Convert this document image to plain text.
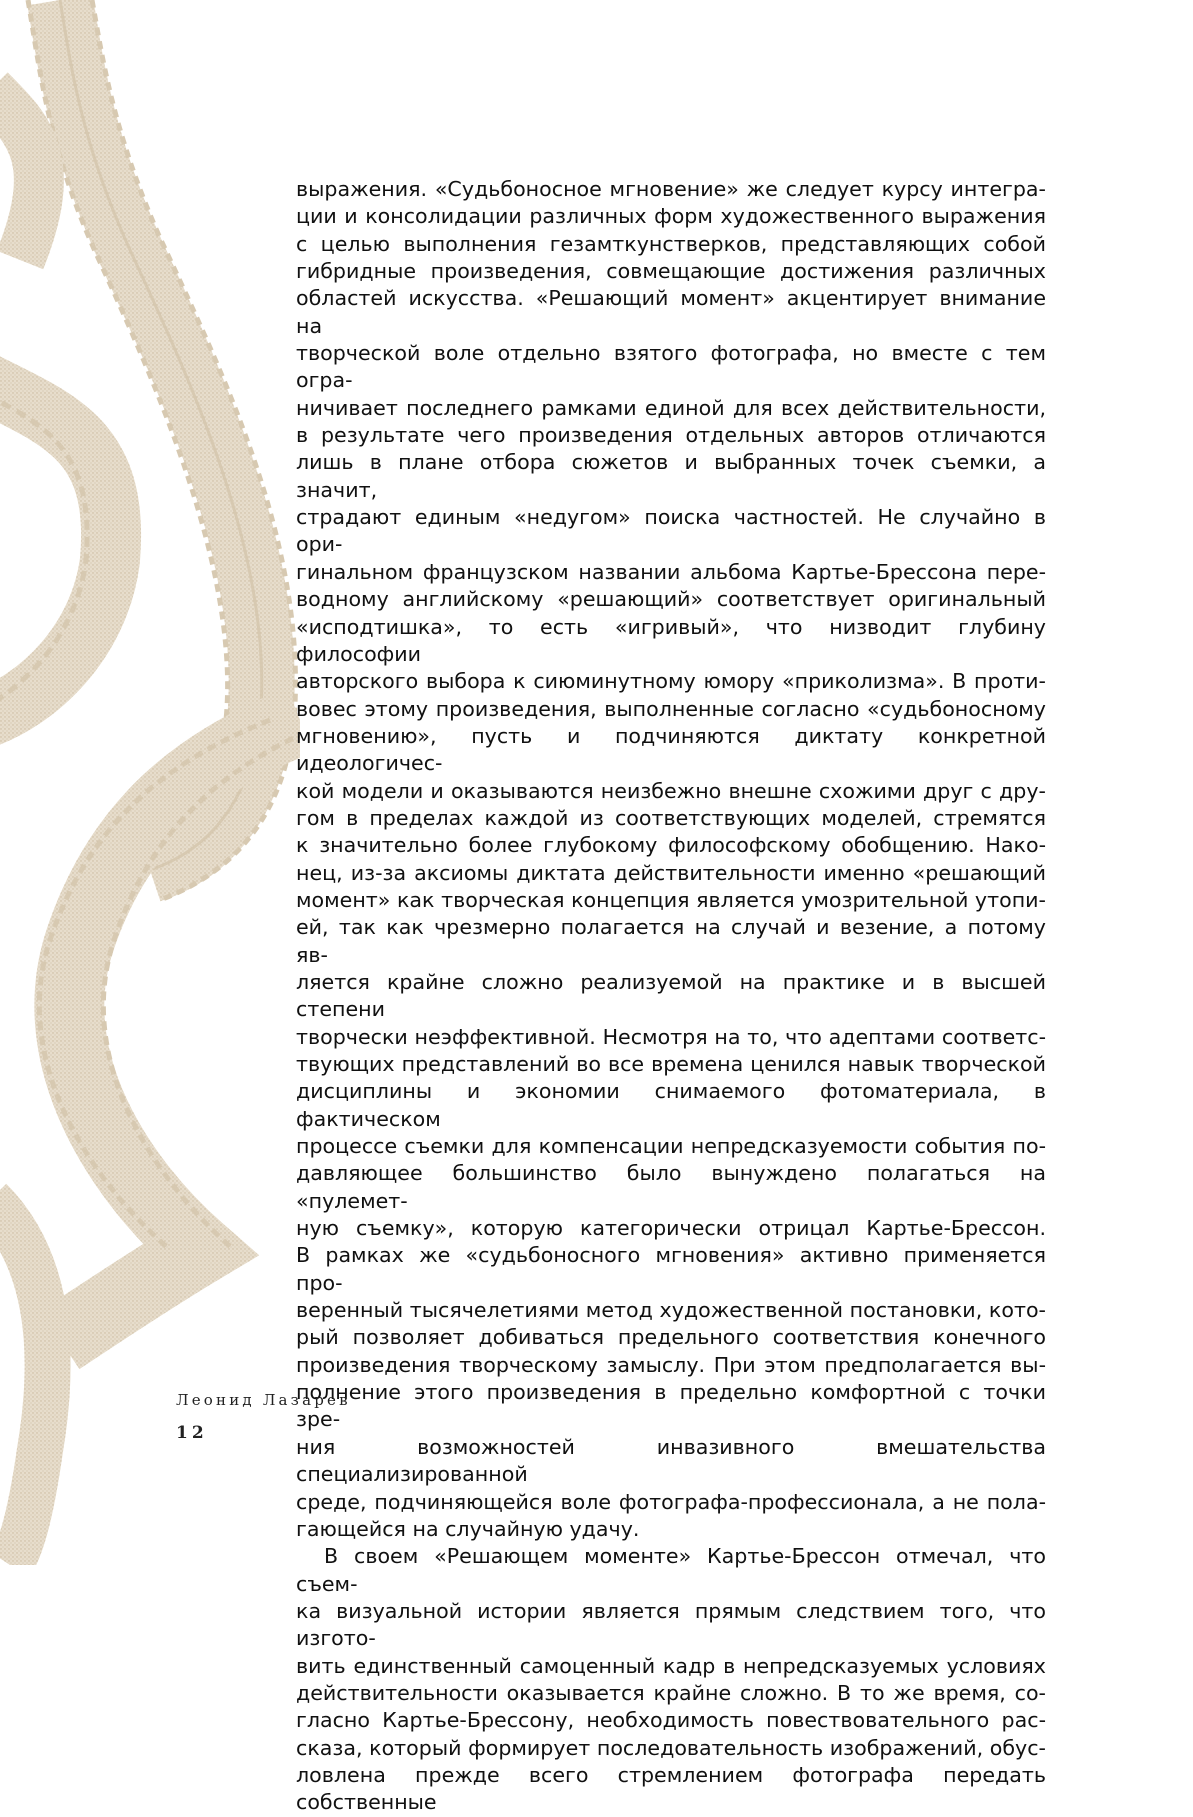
выражения. «Судьбоносное мгновение» же следует курсу интегра-

ции и консолидации различных форм художественного выражения

с целью выполнения гезамткунстверков, представляющих собой

гибридные произведения, совмещающие достижения различных

областей искусства. «Решающий момент» акцентирует внимание на

творческой воле отдельно взятого фотографа, но вместе с тем огра-

ничивает последнего рамками единой для всех действительности,

в результате чего произведения отдельных авторов отличаются

лишь в плане отбора сюжетов и выбранных точек съемки, а значит,

страдают единым «недугом» поиска частностей. Не случайно в ори-

гинальном французском названии альбома Картье-Брессона пере-

водному английскому «решающий» соответствует оригинальный

«исподтишка», то есть «игривый», что низводит глубину философии

авторского выбора к сиюминутному юмору «приколизма». В проти-

вовес этому произведения, выполненные согласно «судьбоносному

мгновению», пусть и подчиняются диктату конкретной идеологичес-

кой модели и оказываются неизбежно внешне схожими друг с дру-

гом в пределах каждой из соответствующих моделей, стремятся

к значительно более глубокому философскому обобщению. Нако-

нец, из-за аксиомы диктата действительности именно «решающий

момент» как творческая концепция является умозрительной утопи-

ей, так как чрезмерно полагается на случай и везение, а потому яв-

ляется крайне сложно реализуемой на практике и в высшей степени

творчески неэффективной. Несмотря на то, что адептами соответс-

твующих представлений во все времена ценился навык творческой

дисциплины и экономии снимаемого фотоматериала, в фактическом

процессе съемки для компенсации непредсказуемости события по-

давляющее большинство было вынуждено полагаться на «пулемет-

ную съемку», которую категорически отрицал Картье-Брессон.

В рамках же «судьбоносного мгновения» активно применяется про-

веренный тысячелетиями метод художественной постановки, кото-

рый позволяет добиваться предельного соответствия конечного

произведения творческому замыслу. При этом предполагается вы-

полнение этого произведения в предельно комфортной с точки зре-

ния возможностей инвазивного вмешательства специализированной

среде, подчиняющейся воле фотографа-профессионала, а не пола-

гающейся на случайную удачу.

В своем «Решающем моменте» Картье-Брессон отмечал, что съем-

ка визуальной истории является прямым следствием того, что изгото-

вить единственный самоценный кадр в непредсказуемых условиях

действительности оказывается крайне сложно. В то же время, со-

гласно Картье-Брессону, необходимость повествовательного рас-

сказа, который формирует последовательность изображений, обус-

ловлена прежде всего стремлением фотографа передать собственные

Леонид Лазарев
12
